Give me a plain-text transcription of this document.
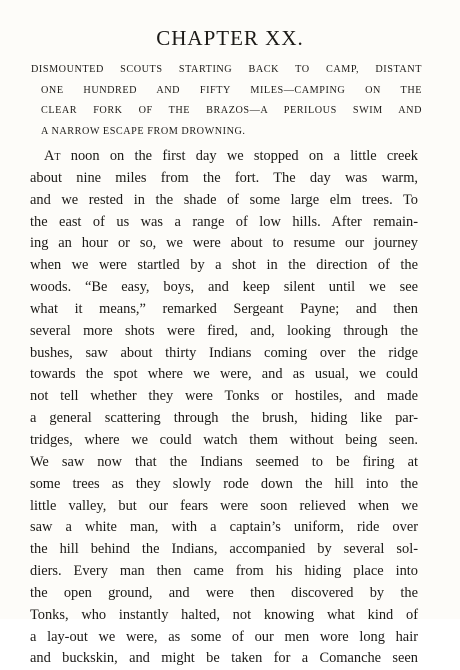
CHAPTER XX.
DISMOUNTED SCOUTS STARTING BACK TO CAMP, DISTANT
ONE HUNDRED AND FIFTY MILES—CAMPING ON THE
CLEAR FORK OF THE BRAZOS—A PERILOUS SWIM AND
A NARROW ESCAPE FROM DROWNING.
At noon on the first day we stopped on a little creek
about nine miles from the fort. The day was warm,
and we rested in the shade of some large elm trees. To
the east of us was a range of low hills. After remain-
ing an hour or so, we were about to resume our journey
when we were startled by a shot in the direction of the
woods. “Be easy, boys, and keep silent until we see
what it means,” remarked Sergeant Payne; and then
several more shots were fired, and, looking through the
bushes, saw about thirty Indians coming over the ridge
towards the spot where we were, and as usual, we could
not tell whether they were Tonks or hostiles, and made
a general scattering through the brush, hiding like par-
tridges, where we could watch them without being seen.
We saw now that the Indians seemed to be firing at
some trees as they slowly rode down the hill into the
little valley, but our fears were soon relieved when we
saw a white man, with a captain’s uniform, ride over
the hill behind the Indians, accompanied by several sol-
diers. Every man then came from his hiding place into
the open ground, and were then discovered by the
Tonks, who instantly halted, not knowing what kind of
a lay-out we were, as some of our men wore long hair
and buckskin, and might be taken for a Comanche seen
